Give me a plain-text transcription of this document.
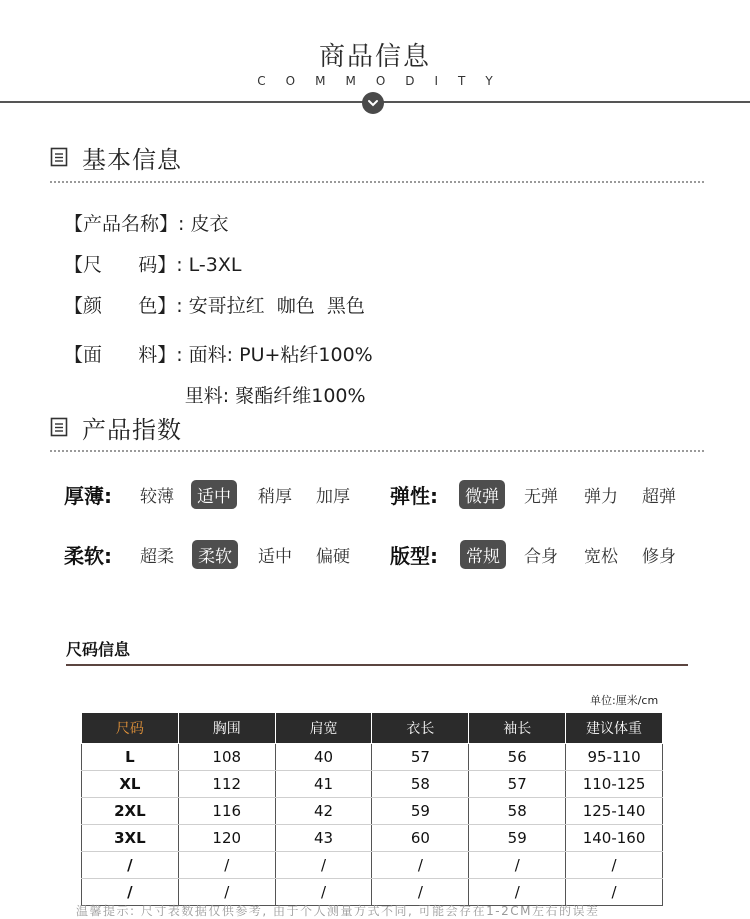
商品信息
COMMODITY
基本信息
【产品名称】: 皮衣
【尺      码】: L-3XL
【颜      色】: 安哥拉红  咖色  黑色
【面      料】: 面料: PU+粘纤100%
里料: 聚酯纤维100%
产品指数
厚薄: 较薄	适中	稍厚 加厚 弹性:	微弹	无弹 弹力 超弹
柔软: 超柔	柔软	适中 偏硬 版型:	常规	合身 宽松 修身
尺码信息
单位:厘米/cm
尺码	胸围	肩宽	衣长	袖长	建议体重
L	108	40	57	56	95-110
XL	112	41	58	57	110-125
2XL	116	42	59	58	125-140
3XL	120	43	60	59	140-160
/	/	/	/	/	/
/	/	/	/	/	/
温馨提示: 尺寸表数据仅供参考, 由于个人测量方式不同, 可能会存在1-2CM左右的误差
